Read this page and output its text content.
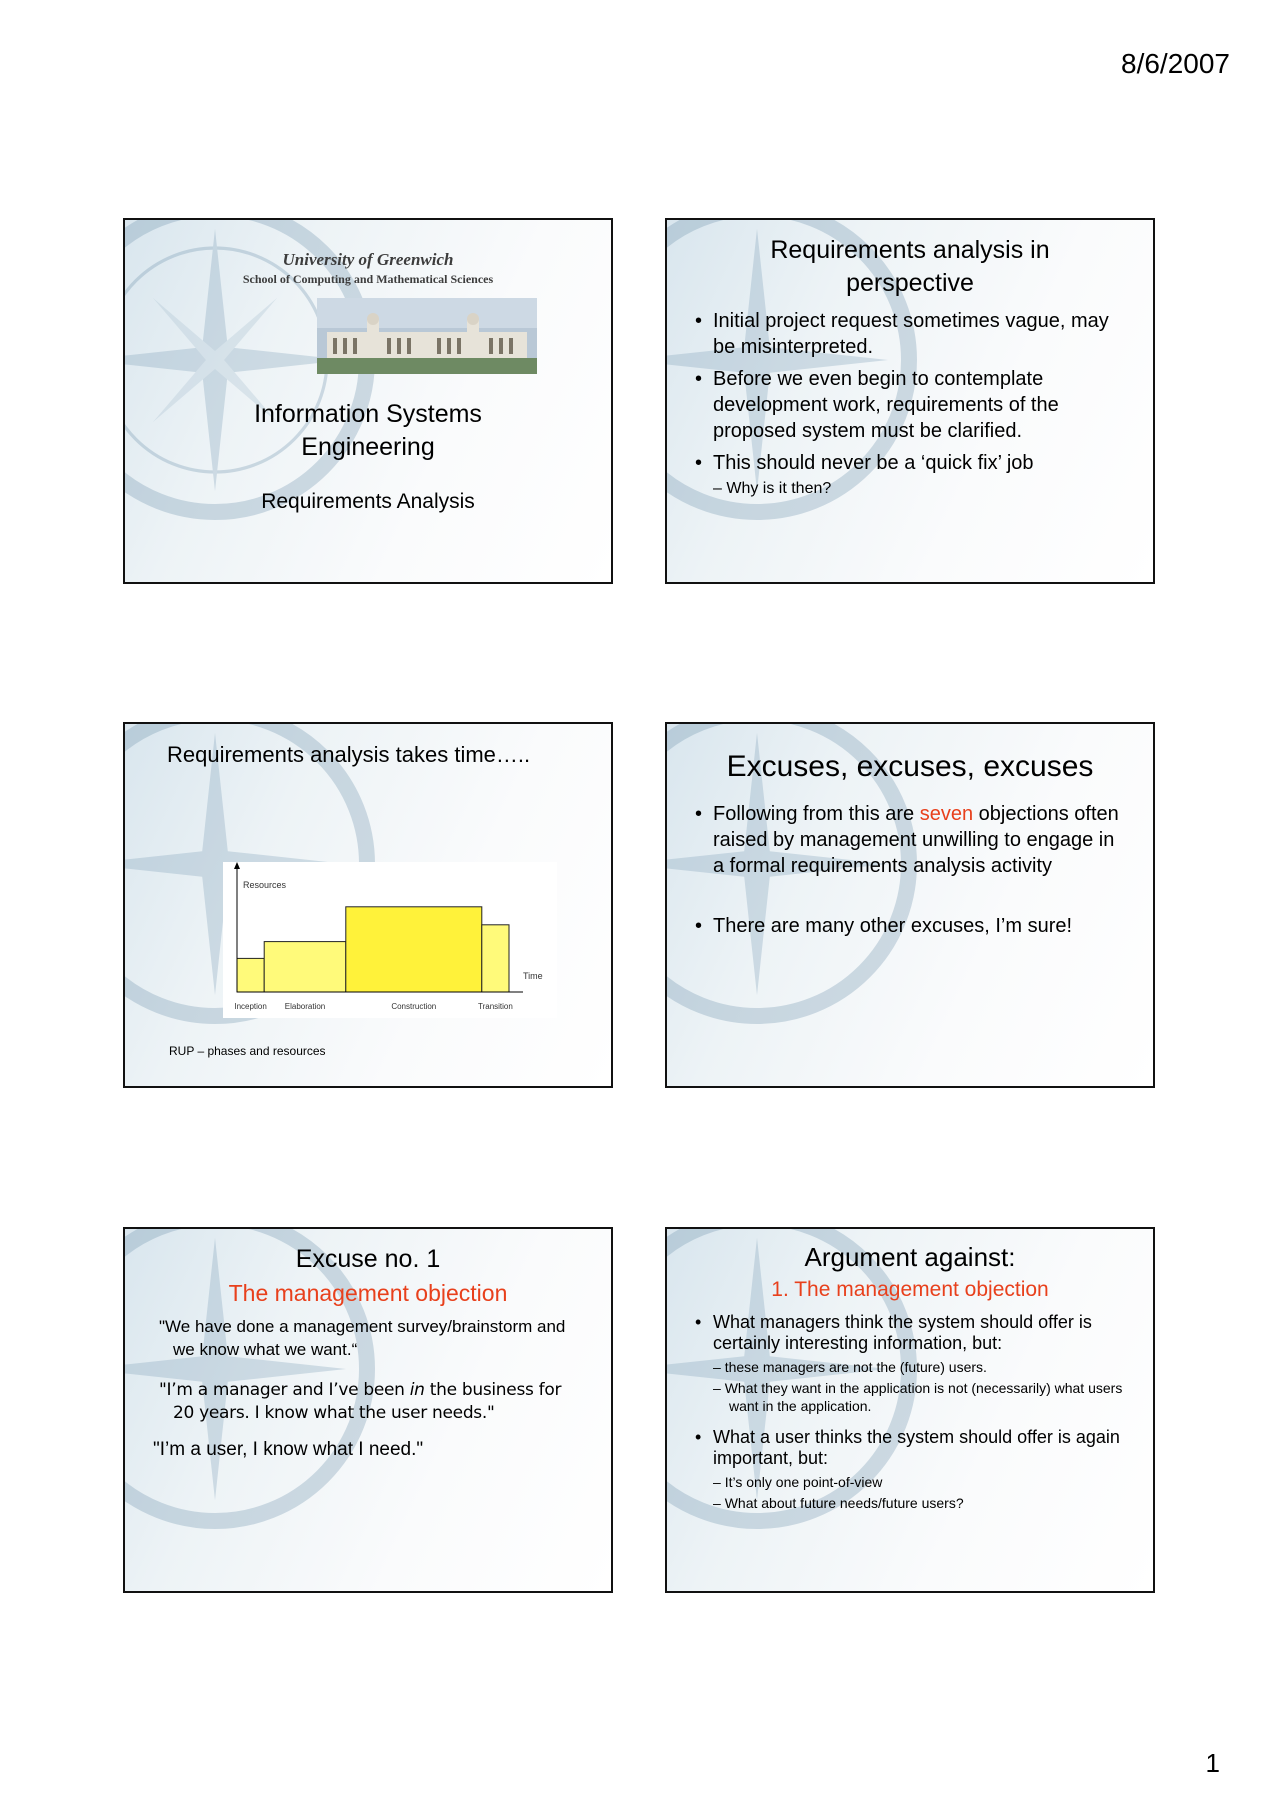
8/6/2007
University of Greenwich
School of Computing and Mathematical Sciences
Information Systems
Engineering
Requirements Analysis
Requirements analysis in
perspective
• Initial project request sometimes vague, may be misinterpreted.
• Before we even begin to contemplate development work, requirements of the proposed system must be clarified.
• This should never be a ‘quick fix’ job
– Why is it then?
Requirements analysis takes time…..
Resources
Time
Inception Elaboration	Construction	Transition
RUP – phases and resources
Excuses, excuses, excuses
• Following from this are seven objections often raised by management unwilling to engage in a formal requirements analysis activity
• There are many other excuses, I’m sure!
Excuse no. 1
The management objection
"We have done a management survey/brainstorm and we know what we want.“
"I’m a manager and I’ve been in the business for 20 years. I know what the user needs."
"I’m a user, I know what I need."
Argument against:
1. The management objection
• What managers think the system should offer is certainly interesting information, but:
– these managers are not the (future) users.
– What they want in the application is not (necessarily) what users want in the application.
• What a user thinks the system should offer is again important, but:
– It’s only one point-of-view
– What about future needs/future users?
1
